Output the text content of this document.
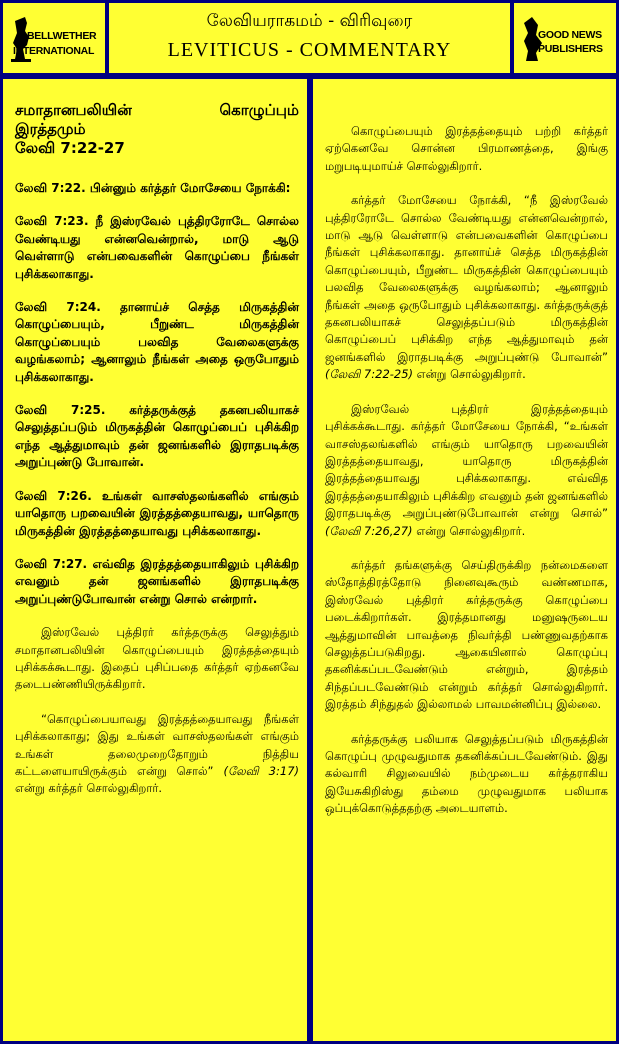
BELLWETHER
INTERNATIONAL
லேவியராகமம் - விரிவுரை
LEVITICUS - COMMENTARY
GOOD NEWS
PUBLISHERS
சமாதானபலியின் கொழுப்பும்
இரத்தமும்
லேவி 7:22-27

லேவி 7:22. பின்னும் கர்த்தர் மோசேயை நோக்கி:

லேவி 7:23. நீ இஸ்ரவேல் புத்திரரோடே சொல்ல வேண்டியது என்னவென்றால், மாடு ஆடு வெள்ளாடு என்பவைகளின் கொழுப்பை நீங்கள் புசிக்கலாகாது.

லேவி 7:24. தானாய்ச் செத்த மிருகத்தின் கொழுப்பையும், பீறுண்ட மிருகத்தின் கொழுப்பையும் பலவித வேலைகளுக்கு வழங்கலாம்; ஆனாலும் நீங்கள் அதை ஒருபோதும் புசிக்கலாகாது.

லேவி 7:25. கர்த்தருக்குத் தகனபலியாகச் செலுத்தப்படும் மிருகத்தின் கொழுப்பைப் புசிக்கிற எந்த ஆத்துமாவும் தன் ஜனங்களில் இராதபடிக்கு அறுப்புண்டு போவான்.

லேவி 7:26. உங்கள் வாசஸ்தலங்களில் எங்கும் யாதொரு பறவையின் இரத்தத்தையாவது, யாதொரு மிருகத்தின் இரத்தத்தையாவது புசிக்கலாகாது.

லேவி 7:27. எவ்வித இரத்தத்தையாகிலும் புசிக்கிற எவனும் தன் ஜனங்களில் இராதபடிக்கு அறுப்புண்டுபோவான் என்று சொல் என்றார்.

இஸ்ரவேல் புத்திரர் கர்த்தருக்கு செலுத்தும் சமாதானபலியின் கொழுப்பையும் இரத்தத்தையும் புசிக்கக்கூடாது. இதைப் புசிப்பதை கர்த்தர் ஏற்கனவே தடைபண்ணியிருக்கிறார்.

“கொழுப்பையாவது இரத்தத்தையாவது நீங்கள் புசிக்கலாகாது; இது உங்கள் வாசஸ்தலங்கள் எங்கும் உங்கள் தலைமுறைதோறும் நித்திய கட்டளையாயிருக்கும் என்று சொல்” (லேவி 3:17) என்று கர்த்தர் சொல்லுகிறார்.

கொழுப்பையும் இரத்தத்தையும் பற்றி கர்த்தர் ஏற்கெனவே சொன்ன பிரமாணத்தை, இங்கு மறுபடியுமாய்ச் சொல்லுகிறார்.

கர்த்தர் மோசேயை நோக்கி, “நீ இஸ்ரவேல் புத்திரரோடே சொல்ல வேண்டியது என்னவென்றால், மாடு ஆடு வெள்ளாடு என்பவைகளின் கொழுப்பை நீங்கள் புசிக்கலாகாது. தானாய்ச் செத்த மிருகத்தின் கொழுப்பையும், பீறுண்ட மிருகத்தின் கொழுப்பையும் பலவித வேலைகளுக்கு வழங்கலாம்; ஆனாலும் நீங்கள் அதை ஒருபோதும் புசிக்கலாகாது. கர்த்தருக்குத் தகனபலியாகச் செலுத்தப்படும் மிருகத்தின் கொழுப்பைப் புசிக்கிற எந்த ஆத்துமாவும் தன் ஜனங்களில் இராதபடிக்கு அறுப்புண்டு போவான்” (லேவி 7:22-25) என்று சொல்லுகிறார்.

இஸ்ரவேல் புத்திரர் இரத்தத்தையும் புசிக்கக்கூடாது. கர்த்தர் மோசேயை நோக்கி, “உங்கள் வாசஸ்தலங்களில் எங்கும் யாதொரு பறவையின் இரத்தத்தையாவது, யாதொரு மிருகத்தின் இரத்தத்தையாவது புசிக்கலாகாது. எவ்வித இரத்தத்தையாகிலும் புசிக்கிற எவனும் தன் ஜனங்களில் இராதபடிக்கு அறுப்புண்டுபோவான் என்று சொல்” (லேவி 7:26,27) என்று சொல்லுகிறார்.

கர்த்தர் தங்களுக்கு செய்திருக்கிற நன்மைகளை ஸ்தோத்திரத்தோடு நினைவுகூரும் வண்ணமாக, இஸ்ரவேல் புத்திரர் கர்த்தருக்கு கொழுப்பை படைக்கிறார்கள். இரத்தமானது மனுஷருடைய ஆத்துமாவின் பாவத்தை நிவர்த்தி பண்ணுவதற்காக செலுத்தப்படுகிறது. ஆகையினால் கொழுப்பு தகனிக்கப்படவேண்டும் என்றும், இரத்தம் சிந்தப்படவேண்டும் என்றும் கர்த்தர் சொல்லுகிறார். இரத்தம் சிந்துதல் இல்லாமல் பாவமன்னிப்பு இல்லை.

கர்த்தருக்கு பலியாக செலுத்தப்படும் மிருகத்தின் கொழுப்பு முழுவதுமாக தகனிக்கப்படவேண்டும். இது கல்வாரி சிலுவையில் நம்முடைய கர்த்தராகிய இயேசுகிறிஸ்து தம்மை முழுவதுமாக பலியாக ஒப்புக்கொடுத்ததற்கு அடையாளம்.
